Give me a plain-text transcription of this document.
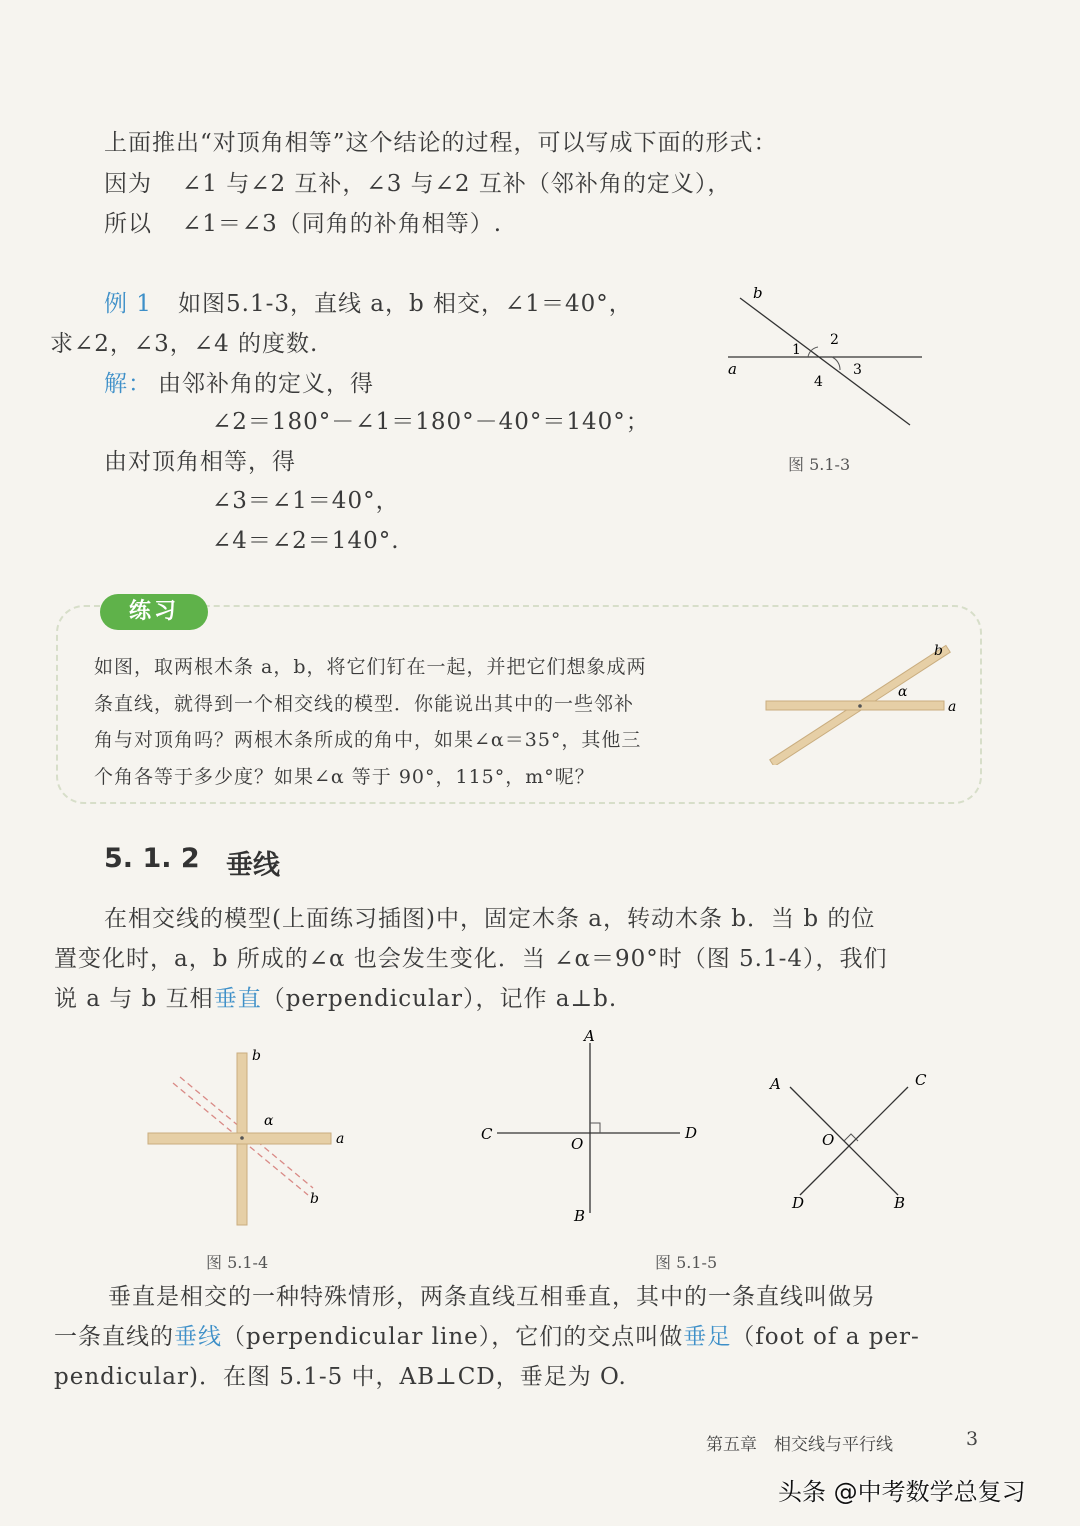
上面推出“对顶角相等”这个结论的过程，可以写成下面的形式：
因为 ∠1 与∠2 互补，∠3 与∠2 互补（邻补角的定义），
所以 ∠1＝∠3（同角的补角相等）.
例 1 如图5.1-3，直线 a，b 相交，∠1＝40°，
求∠2，∠3，∠4 的度数.
解： 由邻补角的定义，得
∠2＝180°－∠1＝180°－40°＝140°；
由对顶角相等，得
∠3＝∠1＝40°，
∠4＝∠2＝140°.
b
a
1
2
3
4
图 5.1-3
练习
如图，取两根木条 a，b，将它们钉在一起，并把它们想象成两
条直线，就得到一个相交线的模型．你能说出其中的一些邻补
角与对顶角吗？两根木条所成的角中，如果∠α＝35°，其他三
个角各等于多少度？如果∠α 等于 90°，115°，m°呢？
b
a
α
5. 1. 2 垂线
在相交线的模型(上面练习插图)中，固定木条 a，转动木条 b．当 b 的位
置变化时，a，b 所成的∠α 也会发生变化．当 ∠α＝90°时（图 5.1-4），我们
说 a 与 b 互相垂直（perpendicular），记作 a⊥b.
b
a
α
b
图 5.1-4
A
B
C	D
O
A
B
C
D
O
图 5.1-5
垂直是相交的一种特殊情形，两条直线互相垂直，其中的一条直线叫做另
一条直线的垂线（perpendicular line），它们的交点叫做垂足（foot of a per-
pendicular)．在图 5.1-5 中，AB⊥CD，垂足为 O.
第五章　相交线与平行线	3
头条 @中考数学总复习
